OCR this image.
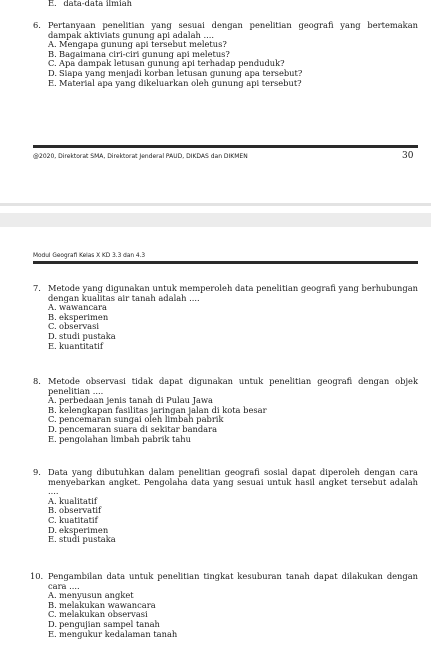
E. data-data ilmiah
6. Pertanyaan penelitian yang sesuai dengan penelitian geografi yang bertemakan dampak aktiviats gunung api adalah ....
A. Mengapa gunung api tersebut meletus?
B. Bagaimana ciri-ciri gunung api meletus?
C. Apa dampak letusan gunung api terhadap penduduk?
D. Siapa yang menjadi korban letusan gunung apa tersebut?
E. Material apa yang dikeluarkan oleh gunung api tersebut?
@2020, Direktorat SMA, Direktorat Jenderal PAUD, DIKDAS dan DIKMEN	30
Modul Geografi Kelas X KD 3.3 dan 4.3
7. Metode yang digunakan untuk memperoleh data penelitian geografi yang berhubungan dengan kualitas air tanah adalah ....
A. wawancara
B. eksperimen
C. observasi
D. studi pustaka
E. kuantitatif
8. Metode observasi tidak dapat digunakan untuk penelitian geografi dengan objek penelitian ....
A. perbedaan jenis tanah di Pulau Jawa
B. kelengkapan fasilitas jaringan jalan di kota besar
C. pencemaran sungai oleh limbah pabrik
D. pencemaran suara di sekitar bandara
E. pengolahan limbah pabrik tahu
9. Data yang dibutuhkan dalam penelitian geografi sosial dapat diperoleh dengan cara menyebarkan angket. Pengolaha data yang sesuai untuk hasil angket tersebut adalah ....
A. kualitatif
B. observatif
C. kuatitatif
D. eksperimen
E. studi pustaka
10. Pengambilan data untuk penelitian tingkat kesuburan tanah dapat dilakukan dengan cara ....
A. menyusun angket
B. melakukan wawancara
C. melakukan observasi
D. pengujian sampel tanah
E. mengukur kedalaman tanah
